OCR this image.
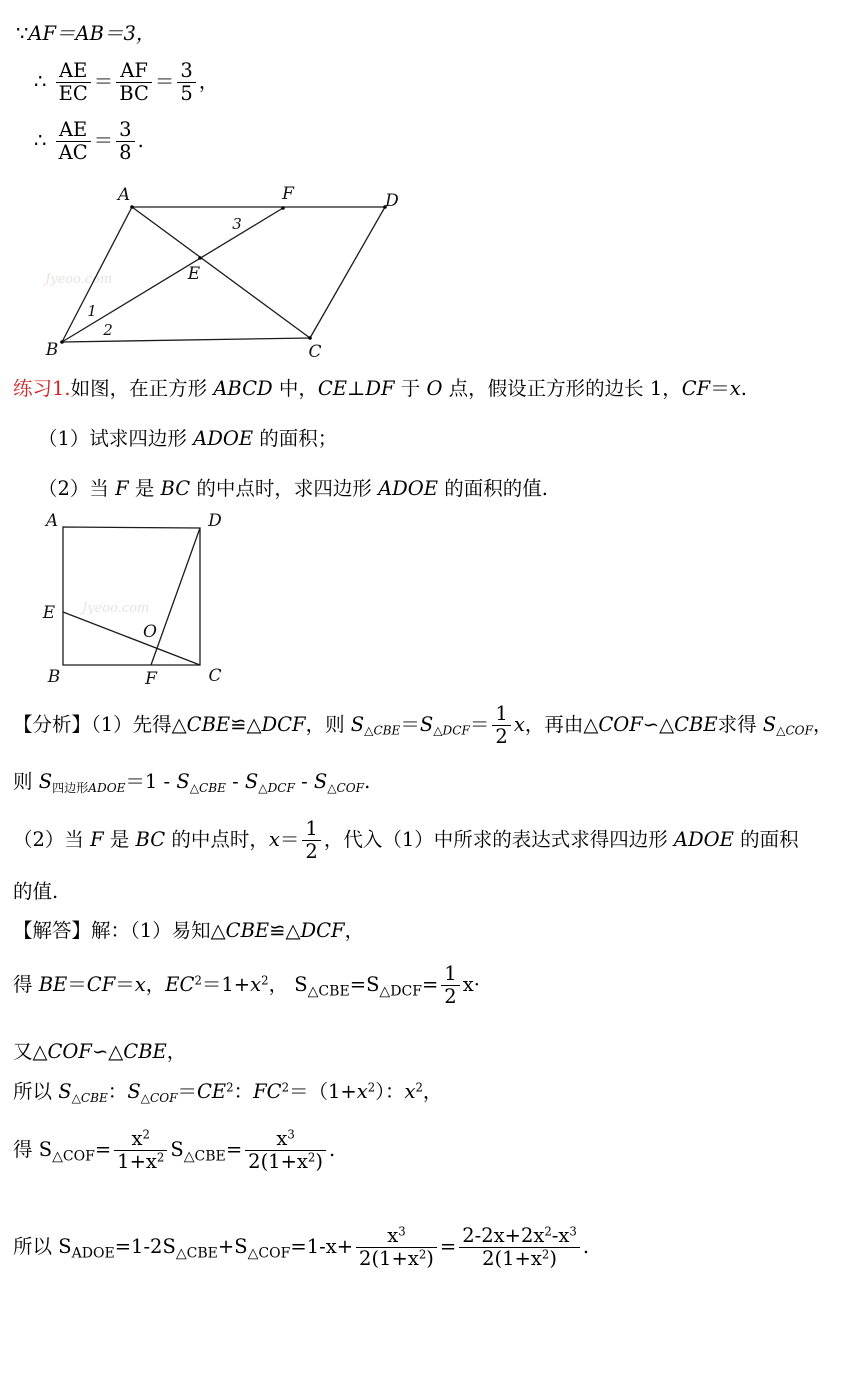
∵AF＝AB＝3，
∴ $\frac{AE}{EC} = \frac{AF}{BC} = \frac{3}{5}$ ，
∴ $\frac{AE}{AC} = \frac{3}{8}$ .
Jyeoo.com
A	F	D
B	C
E
3
1
2
练习1.如图，在正方形 ABCD 中，CE⊥DF 于 O 点，假设正方形的边长 1，CF＝x.
（1）试求四边形 ADOE 的面积；
（2）当 F 是 BC 的中点时，求四边形 ADOE 的面积的值.
Jyeoo.com
A	D
B	C
E
F
O
【分析】（1）先得△CBE≌△DCF，则 $S_{\triangle CBE}=S_{\triangle DCF}= \frac{1}{2}$ x，再由△COF∽△CBE求得 $S_{\triangle COF}$，
则 S四边形$_{ADOE}=1 - S_{\triangle CBE} - S_{\triangle DCF} - S_{\triangle COF}$.
（2）当 F 是 BC 的中点时，$x= \frac{1}{2}$ ，代入（1）中所求的表达式求得四边形 ADOE 的面积
的值.
【解答】解：（1）易知△CBE≌△DCF，
得 BE＝CF＝x，$EC^2=1+x^2$， $S_{\triangle CBE}=S_{\triangle DCF}= \frac{1}{2} x\cdot$
又△COF∽△CBE，
所以 $S_{\triangle CBE}$：$S_{\triangle COF}=CE^2$：$FC^2=(1+x^2)$：$x^2$，
得 $S_{\triangle COF}= \frac{x^2}{1+x^2} S_{\triangle CBE}= \frac{x^3}{2(1+x^2)}$ .
所以 $S_{ADOE}=1-2S_{\triangle CBE}+S_{\triangle COF}=1-x+ \frac{x^3}{2(1+x^2)} = \frac{2-2x+2x^2-x^3}{2(1+x^2)}$ .
